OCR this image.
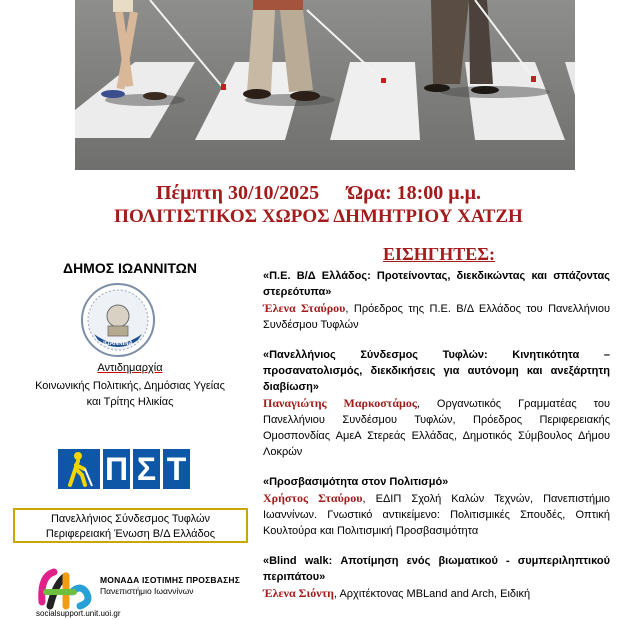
Πέμπτη 30/10/2025 Ώρα: 18:00 μ.μ.
ΠΟΛΙΤΙΣΤΙΚΟΣ ΧΩΡΟΣ ΔΗΜΗΤΡΙΟΥ ΧΑΤΖΗ
ΔΗΜΟΣ ΙΩΑΝΝΙΤΩΝ
ΙΩΑΝΝΙΝΑ
Αντιδημαρχία
Κοινωνικής Πολιτικής, Δημόσιας Υγείας
και Τρίτης Ηλικίας
Π Σ Τ
Πανελλήνιος Σύνδεσμος Τυφλών
Περιφερειακή Ένωση Β/Δ Ελλάδος
ΜΟΝΑΔΑ ΙΣΟΤΙΜΗΣ ΠΡΟΣΒΑΣΗΣ
Πανεπιστήμιο Ιωαννίνων
socialsupport.unit.uoi.gr
ΕΙΣΗΓΗΤΕΣ:
«Π.Ε. Β/Δ Ελλάδος: Προτείνοντας, διεκδικώντας και σπάζοντας στερεότυπα»
Έλενα Σταύρου, Πρόεδρος της Π.Ε. Β/Δ Ελλάδος του Πανελλήνιου Συνδέσμου Τυφλών
«Πανελλήνιος Σύνδεσμος Τυφλών: Κινητικότητα – προσανατολισμός, διεκδικήσεις για αυτόνομη και ανεξάρτητη διαβίωση»
Παναγιώτης Μαρκοστάμος, Οργανωτικός Γραμματέας του Πανελλήνιου Συνδέσμου Τυφλών, Πρόεδρος Περιφερειακής Ομοσπονδίας ΑμεΑ Στερεάς Ελλάδας, Δημοτικός Σύμβουλος Δήμου Λοκρών
«Προσβασιμότητα στον Πολιτισμό»
Χρήστος Σταύρου, ΕΔΙΠ Σχολή Καλών Τεχνών, Πανεπιστήμιο Ιωαννίνων. Γνωστικό αντικείμενο: Πολιτισμικές Σπουδές, Οπτική Κουλτούρα και Πολιτισμική Προσβασιμότητα
«Blind walk: Αποτίμηση ενός βιωματικού - συμπεριληπτικού περιπάτου»
Έλενα Σιόντη, Αρχιτέκτονας MBLand and Arch, Ειδική
